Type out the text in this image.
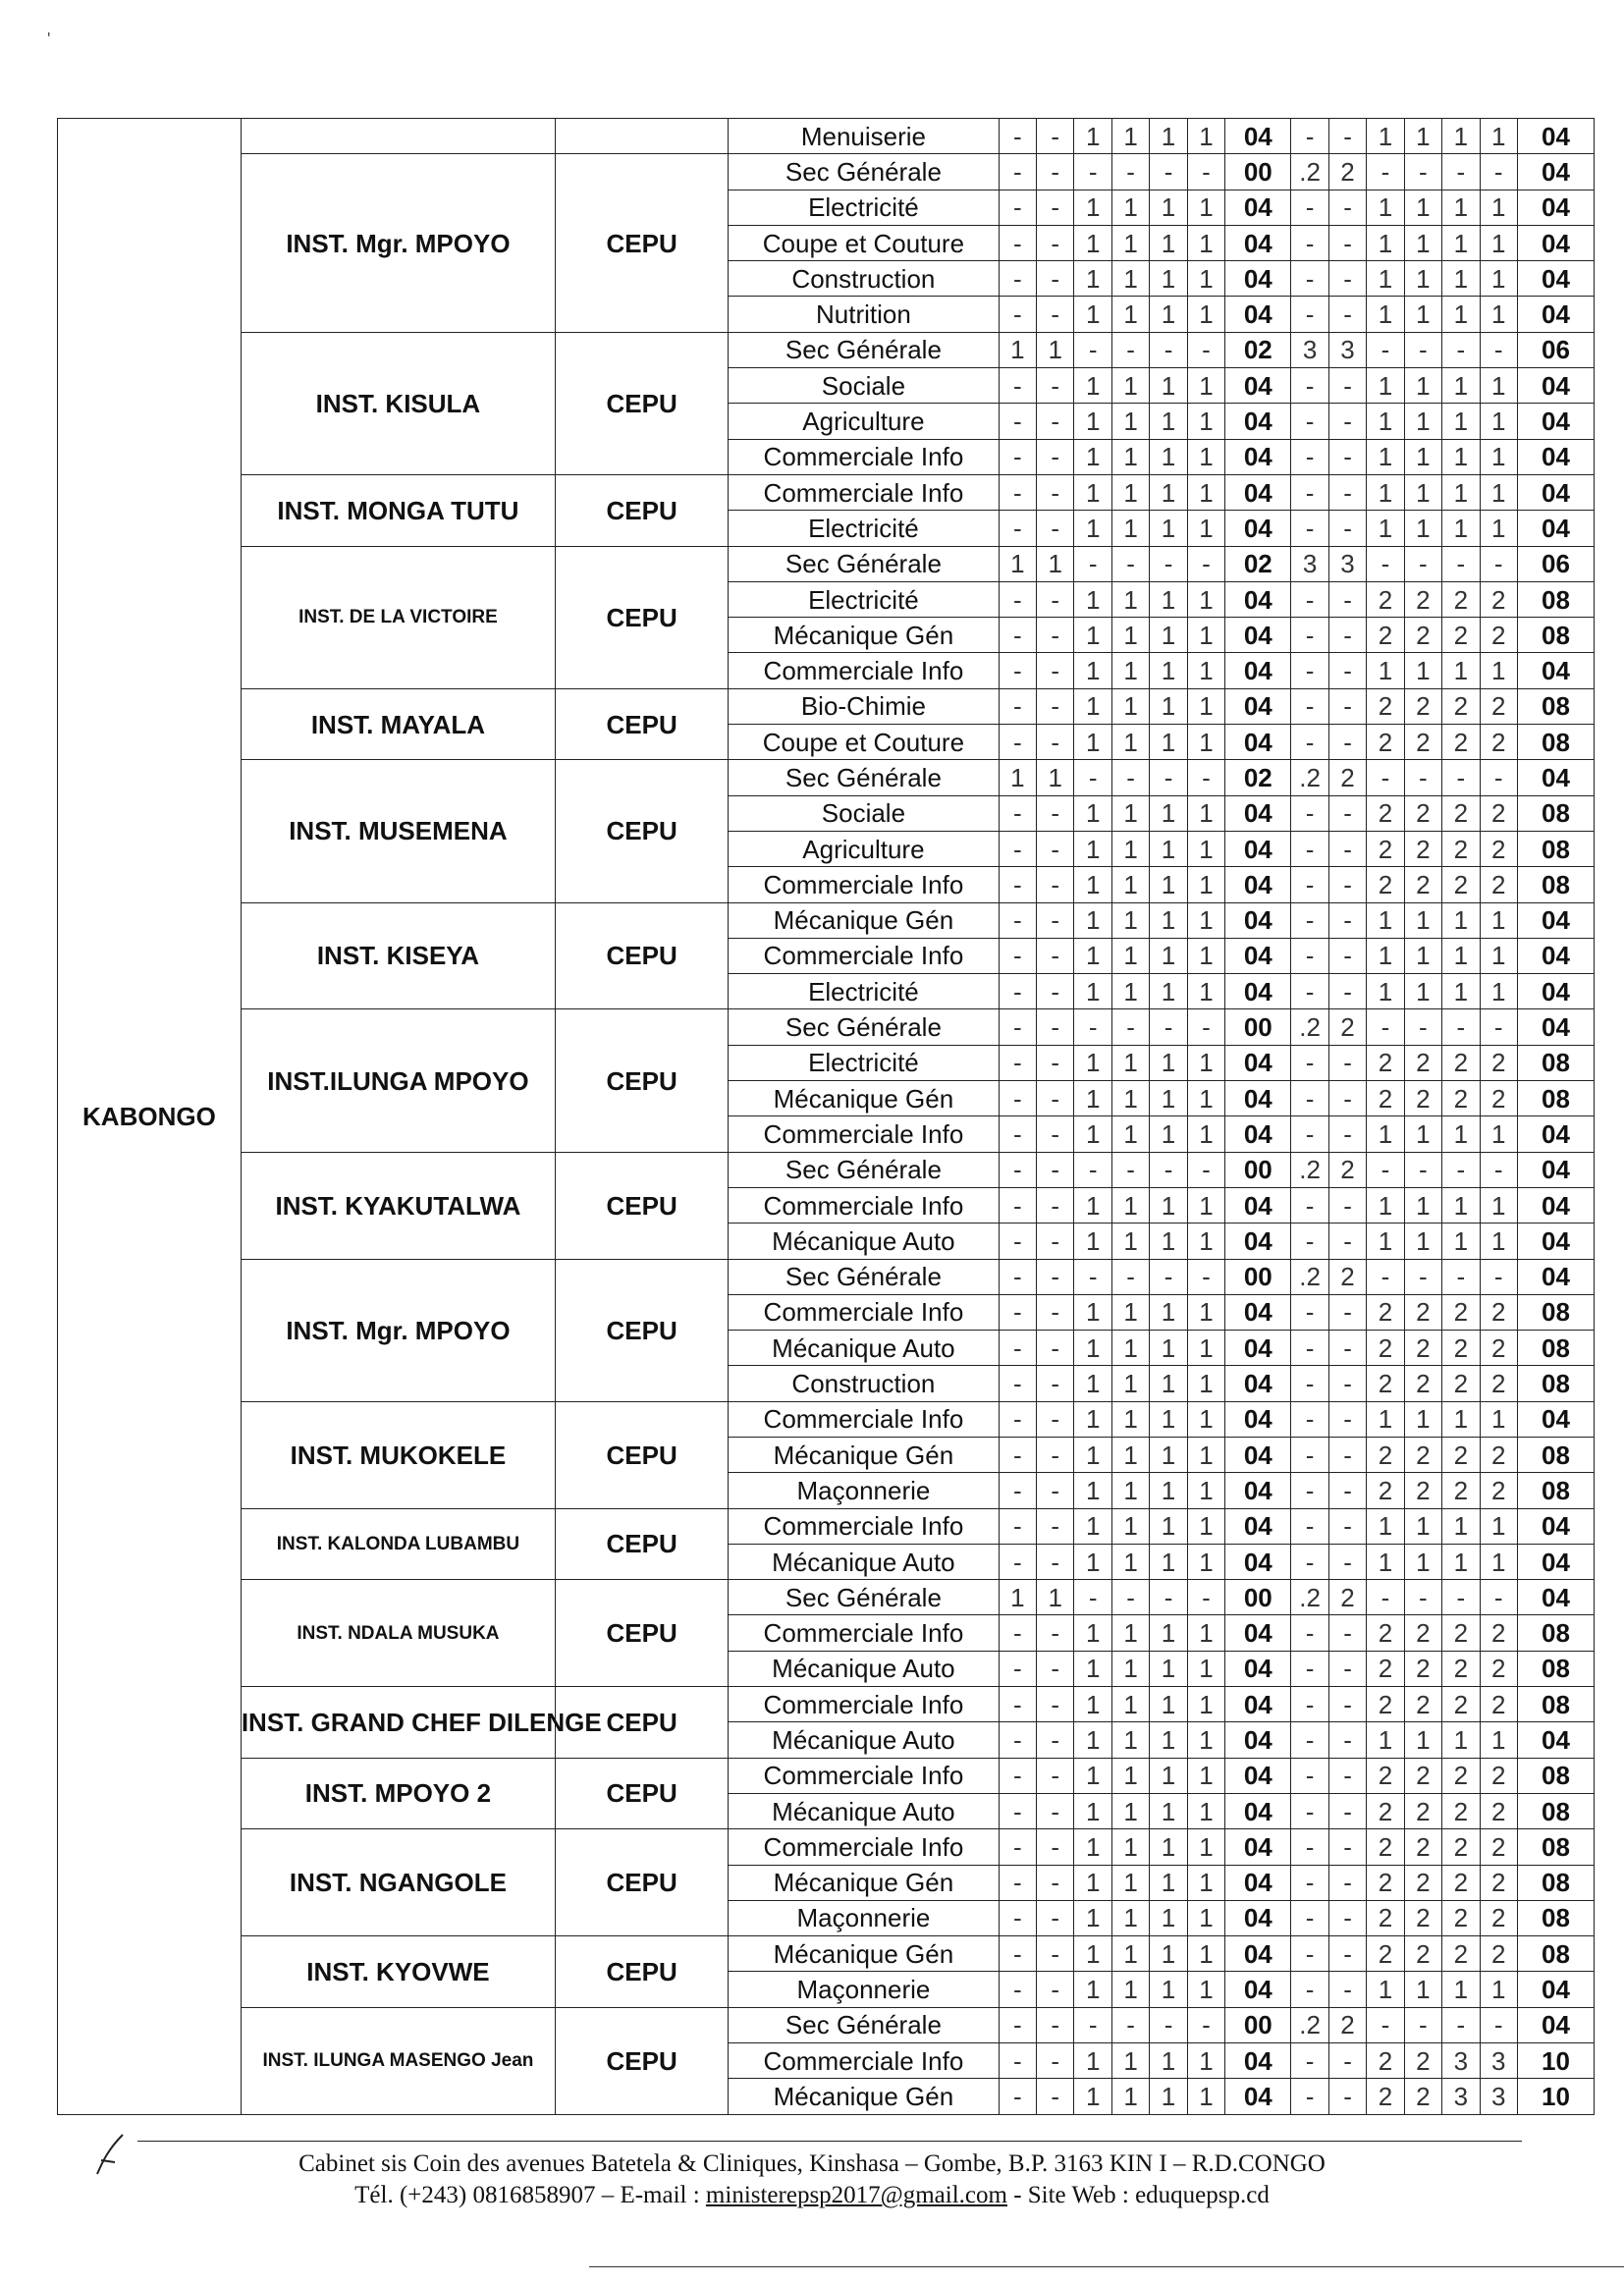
'
KABONGO			Menuiserie	-	-	1	1	1	1	04	-	-	1	1	1	1	04
	INST. Mgr. MPOYO	CEPU	Sec Générale	-	-	-	-	-	-	00	.2	2	-	-	-	-	04
			Electricité	-	-	1	1	1	1	04	-	-	1	1	1	1	04
			Coupe et Couture	-	-	1	1	1	1	04	-	-	1	1	1	1	04
			Construction	-	-	1	1	1	1	04	-	-	1	1	1	1	04
			Nutrition	-	-	1	1	1	1	04	-	-	1	1	1	1	04
	INST. KISULA	CEPU	Sec Générale	1	1	-	-	-	-	02	3	3	-	-	-	-	06
			Sociale	-	-	1	1	1	1	04	-	-	1	1	1	1	04
			Agriculture	-	-	1	1	1	1	04	-	-	1	1	1	1	04
			Commerciale Info	-	-	1	1	1	1	04	-	-	1	1	1	1	04
	INST. MONGA TUTU	CEPU	Commerciale Info	-	-	1	1	1	1	04	-	-	1	1	1	1	04
			Electricité	-	-	1	1	1	1	04	-	-	1	1	1	1	04
	INST. DE LA VICTOIRE	CEPU	Sec Générale	1	1	-	-	-	-	02	3	3	-	-	-	-	06
			Electricité	-	-	1	1	1	1	04	-	-	2	2	2	2	08
			Mécanique Gén	-	-	1	1	1	1	04	-	-	2	2	2	2	08
			Commerciale Info	-	-	1	1	1	1	04	-	-	1	1	1	1	04
	INST. MAYALA	CEPU	Bio-Chimie	-	-	1	1	1	1	04	-	-	2	2	2	2	08
			Coupe et Couture	-	-	1	1	1	1	04	-	-	2	2	2	2	08
	INST. MUSEMENA	CEPU	Sec Générale	1	1	-	-	-	-	02	.2	2	-	-	-	-	04
			Sociale	-	-	1	1	1	1	04	-	-	2	2	2	2	08
			Agriculture	-	-	1	1	1	1	04	-	-	2	2	2	2	08
			Commerciale Info	-	-	1	1	1	1	04	-	-	2	2	2	2	08
	INST. KISEYA	CEPU	Mécanique Gén	-	-	1	1	1	1	04	-	-	1	1	1	1	04
			Commerciale Info	-	-	1	1	1	1	04	-	-	1	1	1	1	04
			Electricité	-	-	1	1	1	1	04	-	-	1	1	1	1	04
	INST.ILUNGA MPOYO	CEPU	Sec Générale	-	-	-	-	-	-	00	.2	2	-	-	-	-	04
			Electricité	-	-	1	1	1	1	04	-	-	2	2	2	2	08
			Mécanique Gén	-	-	1	1	1	1	04	-	-	2	2	2	2	08
			Commerciale Info	-	-	1	1	1	1	04	-	-	1	1	1	1	04
	INST. KYAKUTALWA	CEPU	Sec Générale	-	-	-	-	-	-	00	.2	2	-	-	-	-	04
			Commerciale Info	-	-	1	1	1	1	04	-	-	1	1	1	1	04
			Mécanique Auto	-	-	1	1	1	1	04	-	-	1	1	1	1	04
	INST. Mgr. MPOYO	CEPU	Sec Générale	-	-	-	-	-	-	00	.2	2	-	-	-	-	04
			Commerciale Info	-	-	1	1	1	1	04	-	-	2	2	2	2	08
			Mécanique Auto	-	-	1	1	1	1	04	-	-	2	2	2	2	08
			Construction	-	-	1	1	1	1	04	-	-	2	2	2	2	08
	INST. MUKOKELE	CEPU	Commerciale Info	-	-	1	1	1	1	04	-	-	1	1	1	1	04
			Mécanique Gén	-	-	1	1	1	1	04	-	-	2	2	2	2	08
			Maçonnerie	-	-	1	1	1	1	04	-	-	2	2	2	2	08
	INST. KALONDA LUBAMBU	CEPU	Commerciale Info	-	-	1	1	1	1	04	-	-	1	1	1	1	04
			Mécanique Auto	-	-	1	1	1	1	04	-	-	1	1	1	1	04
	INST. NDALA MUSUKA	CEPU	Sec Générale	1	1	-	-	-	-	00	.2	2	-	-	-	-	04
			Commerciale Info	-	-	1	1	1	1	04	-	-	2	2	2	2	08
			Mécanique Auto	-	-	1	1	1	1	04	-	-	2	2	2	2	08
	INST. GRAND CHEF DILENGE	CEPU	Commerciale Info	-	-	1	1	1	1	04	-	-	2	2	2	2	08
			Mécanique Auto	-	-	1	1	1	1	04	-	-	1	1	1	1	04
	INST. MPOYO 2	CEPU	Commerciale Info	-	-	1	1	1	1	04	-	-	2	2	2	2	08
			Mécanique Auto	-	-	1	1	1	1	04	-	-	2	2	2	2	08
	INST. NGANGOLE	CEPU	Commerciale Info	-	-	1	1	1	1	04	-	-	2	2	2	2	08
			Mécanique Gén	-	-	1	1	1	1	04	-	-	2	2	2	2	08
			Maçonnerie	-	-	1	1	1	1	04	-	-	2	2	2	2	08
	INST. KYOVWE	CEPU	Mécanique Gén	-	-	1	1	1	1	04	-	-	2	2	2	2	08
			Maçonnerie	-	-	1	1	1	1	04	-	-	1	1	1	1	04
	INST. ILUNGA MASENGO Jean	CEPU	Sec Générale	-	-	-	-	-	-	00	.2	2	-	-	-	-	04
			Commerciale Info	-	-	1	1	1	1	04	-	-	2	2	3	3	10
			Mécanique Gén	-	-	1	1	1	1	04	-	-	2	2	3	3	10
Cabinet sis Coin des avenues Batetela & Cliniques, Kinshasa – Gombe, B.P. 3163 KIN I – R.D.CONGO
Tél. (+243) 0816858907 – E-mail : ministerepsp2017@gmail.com - Site Web : eduquepsp.cd
